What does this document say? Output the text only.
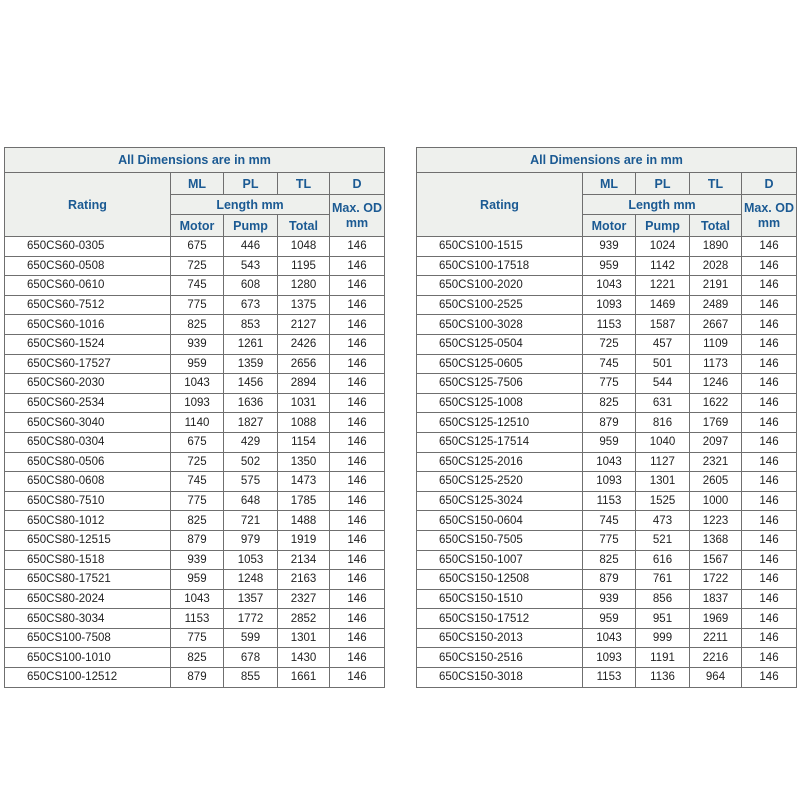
All Dimensions are in mm				
Rating	ML	PL	TL	D
	Length mm			Max. OD
mm

	Motor	Pump	Total	
650CS60-0305	675	446	1048	146
650CS60-0508	725	543	1195	146
650CS60-0610	745	608	1280	146
650CS60-7512	775	673	1375	146
650CS60-1016	825	853	2127	146
650CS60-1524	939	1261	2426	146
650CS60-17527	959	1359	2656	146
650CS60-2030	1043	1456	2894	146
650CS60-2534	1093	1636	1031	146
650CS60-3040	1140	1827	1088	146
650CS80-0304	675	429	1154	146
650CS80-0506	725	502	1350	146
650CS80-0608	745	575	1473	146
650CS80-7510	775	648	1785	146
650CS80-1012	825	721	1488	146
650CS80-12515	879	979	1919	146
650CS80-1518	939	1053	2134	146
650CS80-17521	959	1248	2163	146
650CS80-2024	1043	1357	2327	146
650CS80-3034	1153	1772	2852	146
650CS100-7508	775	599	1301	146
650CS100-1010	825	678	1430	146
650CS100-12512	879	855	1661	146
All Dimensions are in mm				
Rating	ML	PL	TL	D
	Length mm			Max. OD
mm

	Motor	Pump	Total	
650CS100-1515	939	1024	1890	146
650CS100-17518	959	1142	2028	146
650CS100-2020	1043	1221	2191	146
650CS100-2525	1093	1469	2489	146
650CS100-3028	1153	1587	2667	146
650CS125-0504	725	457	1109	146
650CS125-0605	745	501	1173	146
650CS125-7506	775	544	1246	146
650CS125-1008	825	631	1622	146
650CS125-12510	879	816	1769	146
650CS125-17514	959	1040	2097	146
650CS125-2016	1043	1127	2321	146
650CS125-2520	1093	1301	2605	146
650CS125-3024	1153	1525	1000	146
650CS150-0604	745	473	1223	146
650CS150-7505	775	521	1368	146
650CS150-1007	825	616	1567	146
650CS150-12508	879	761	1722	146
650CS150-1510	939	856	1837	146
650CS150-17512	959	951	1969	146
650CS150-2013	1043	999	2211	146
650CS150-2516	1093	1191	2216	146
650CS150-3018	1153	1136	964	146
